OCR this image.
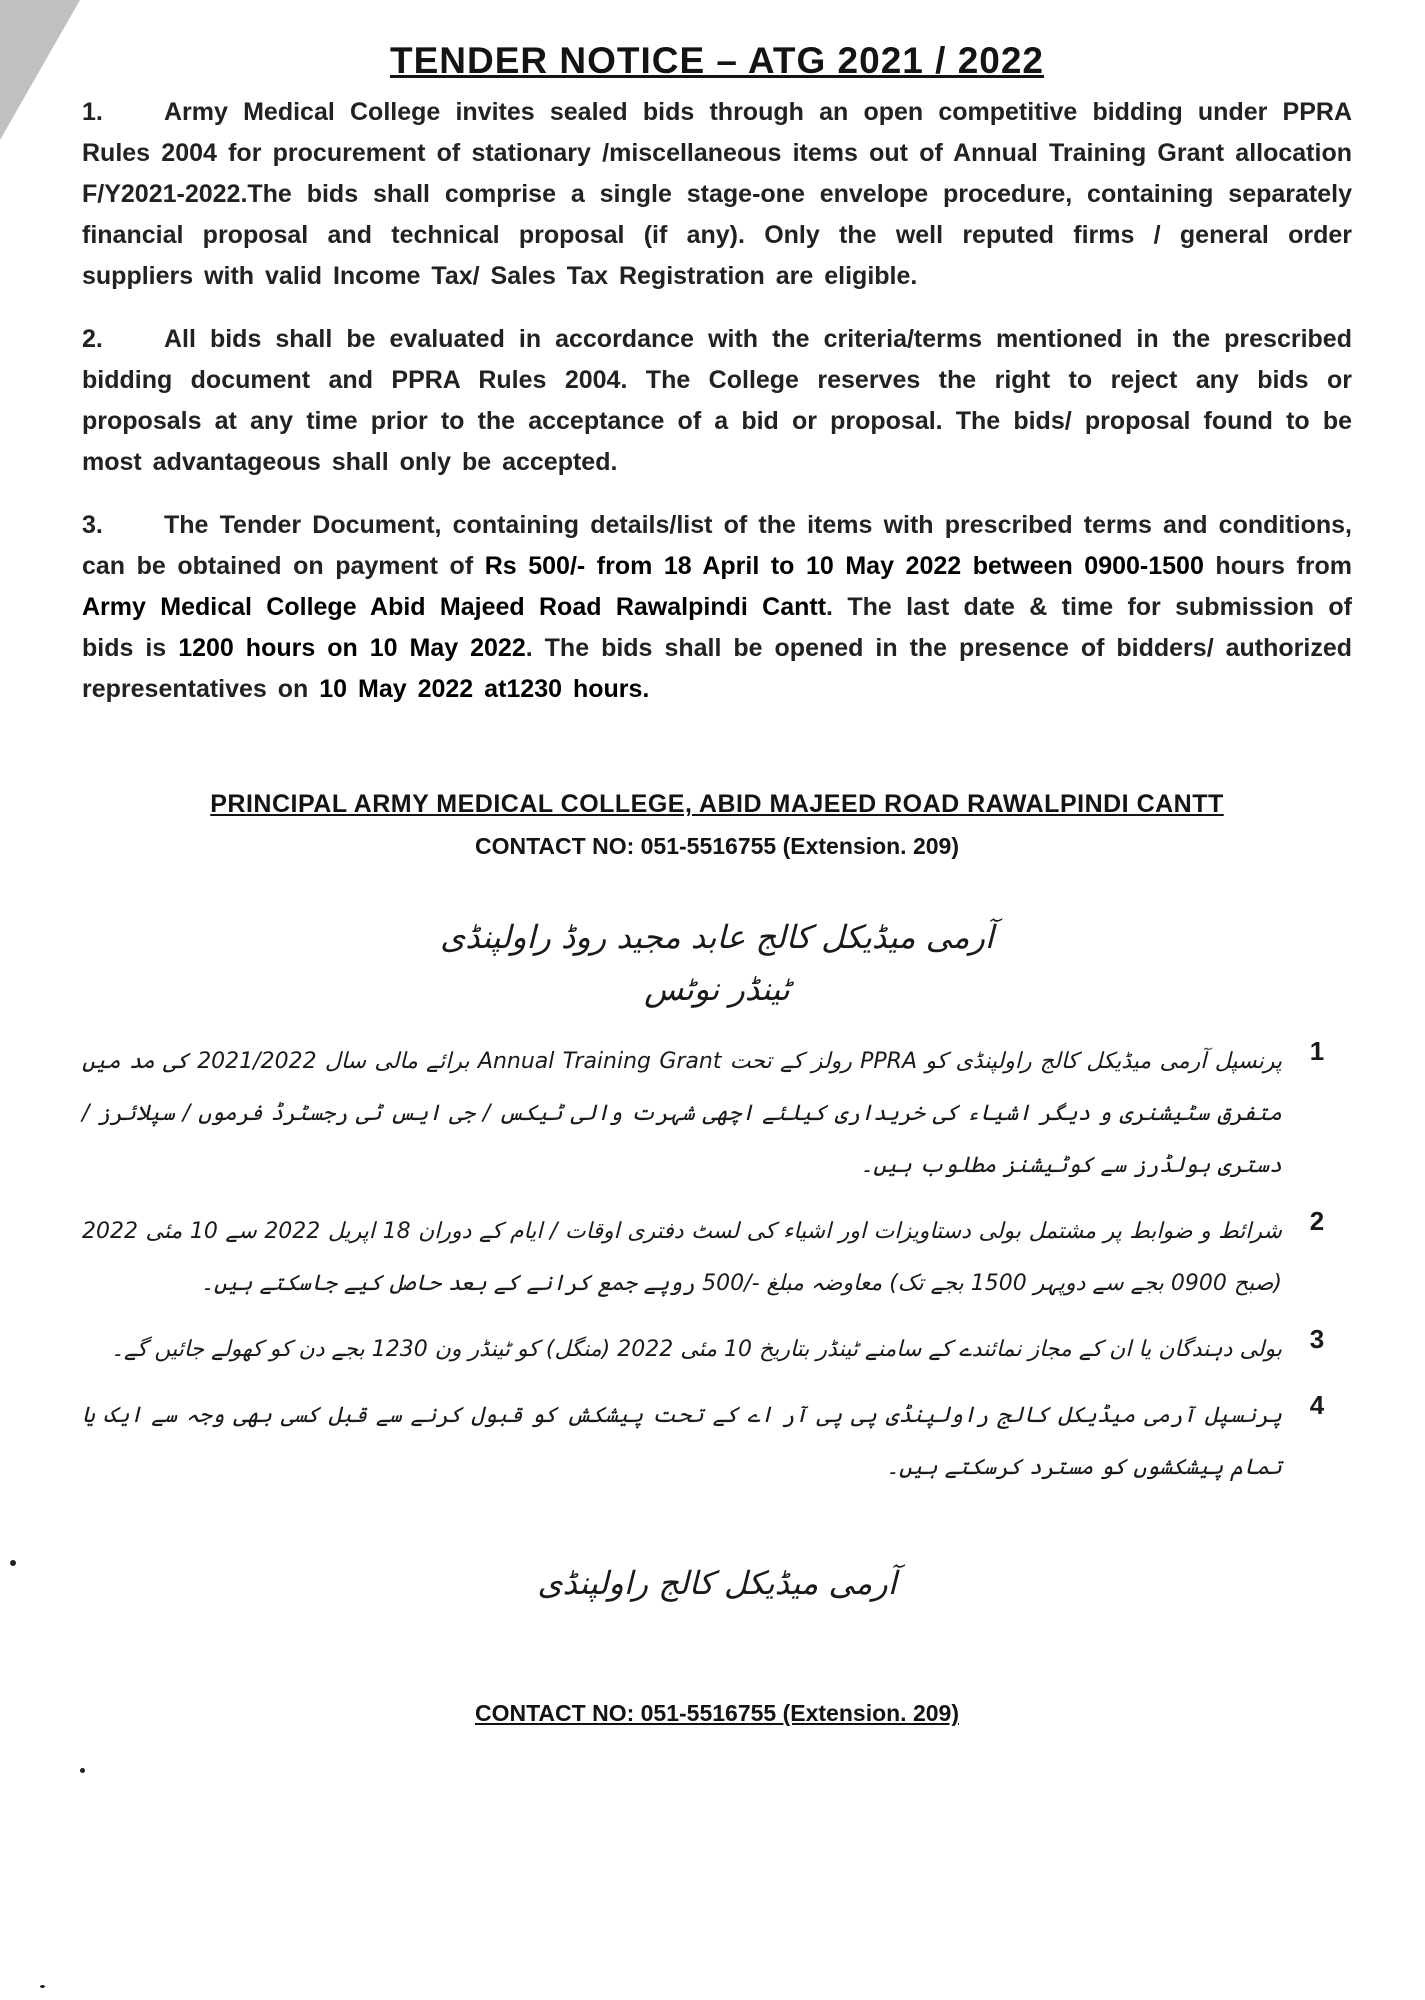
TENDER NOTICE – ATG 2021 / 2022
1. Army Medical College invites sealed bids through an open competitive bidding under PPRA Rules 2004 for procurement of stationary /miscellaneous items out of Annual Training Grant allocation F/Y2021-2022.The bids shall comprise a single stage-one envelope procedure, containing separately financial proposal and technical proposal (if any). Only the well reputed firms / general order suppliers with valid Income Tax/ Sales Tax Registration are eligible.
2. All bids shall be evaluated in accordance with the criteria/terms mentioned in the prescribed bidding document and PPRA Rules 2004. The College reserves the right to reject any bids or proposals at any time prior to the acceptance of a bid or proposal. The bids/ proposal found to be most advantageous shall only be accepted.
3. The Tender Document, containing details/list of the items with prescribed terms and conditions, can be obtained on payment of Rs 500/- from 18 April to 10 May 2022 between 0900-1500 hours from Army Medical College Abid Majeed Road Rawalpindi Cantt. The last date & time for submission of bids is 1200 hours on 10 May 2022. The bids shall be opened in the presence of bidders/ authorized representatives on 10 May 2022 at1230 hours.
PRINCIPAL ARMY MEDICAL COLLEGE, ABID MAJEED ROAD RAWALPINDI CANTT
CONTACT NO: 051-5516755 (Extension. 209)
آرمی میڈیکل کالج عابد مجید روڈ راولپنڈی
ٹینڈر نوٹس
1
پرنسپل آرمی میڈیکل کالج راولپنڈی کو PPRA رولز کے تحت Annual Training Grant برائے مالی سال 2021/2022 کی مد میں متفرق سٹیشنری و دیگر اشیاء کی خریداری کیلئے اچھی شہرت والی ٹیکس / جی ایس ٹی رجسٹرڈ فرموں / سپلائرز / دستری ہولڈرز سے کوٹیشنز مطلوب ہیں۔
2
شرائط و ضوابط پر مشتمل بولی دستاویزات اور اشیاء کی لسٹ دفتری اوقات / ایام کے دوران 18 اپریل 2022 سے 10 مئی 2022 (صبح 0900 بجے سے دوپہر 1500 بجے تک) معاوضہ مبلغ -/500 روپے جمع کرانے کے بعد حاصل کیے جاسکتے ہیں۔
3
بولی دہندگان یا ان کے مجاز نمائندے کے سامنے ٹینڈر بتاریخ 10 مئی 2022 (منگل) کو ٹینڈر ون 1230 بجے دن کو کھولے جائیں گے۔
4
پرنسپل آرمی میڈیکل کالج راولپنڈی پی پی آر اے کے تحت پیشکش کو قبول کرنے سے قبل کسی بھی وجہ سے ایک یا تمام پیشکشوں کو مسترد کرسکتے ہیں۔
آرمی میڈیکل کالج راولپنڈی
CONTACT NO: 051-5516755 (Extension. 209)
